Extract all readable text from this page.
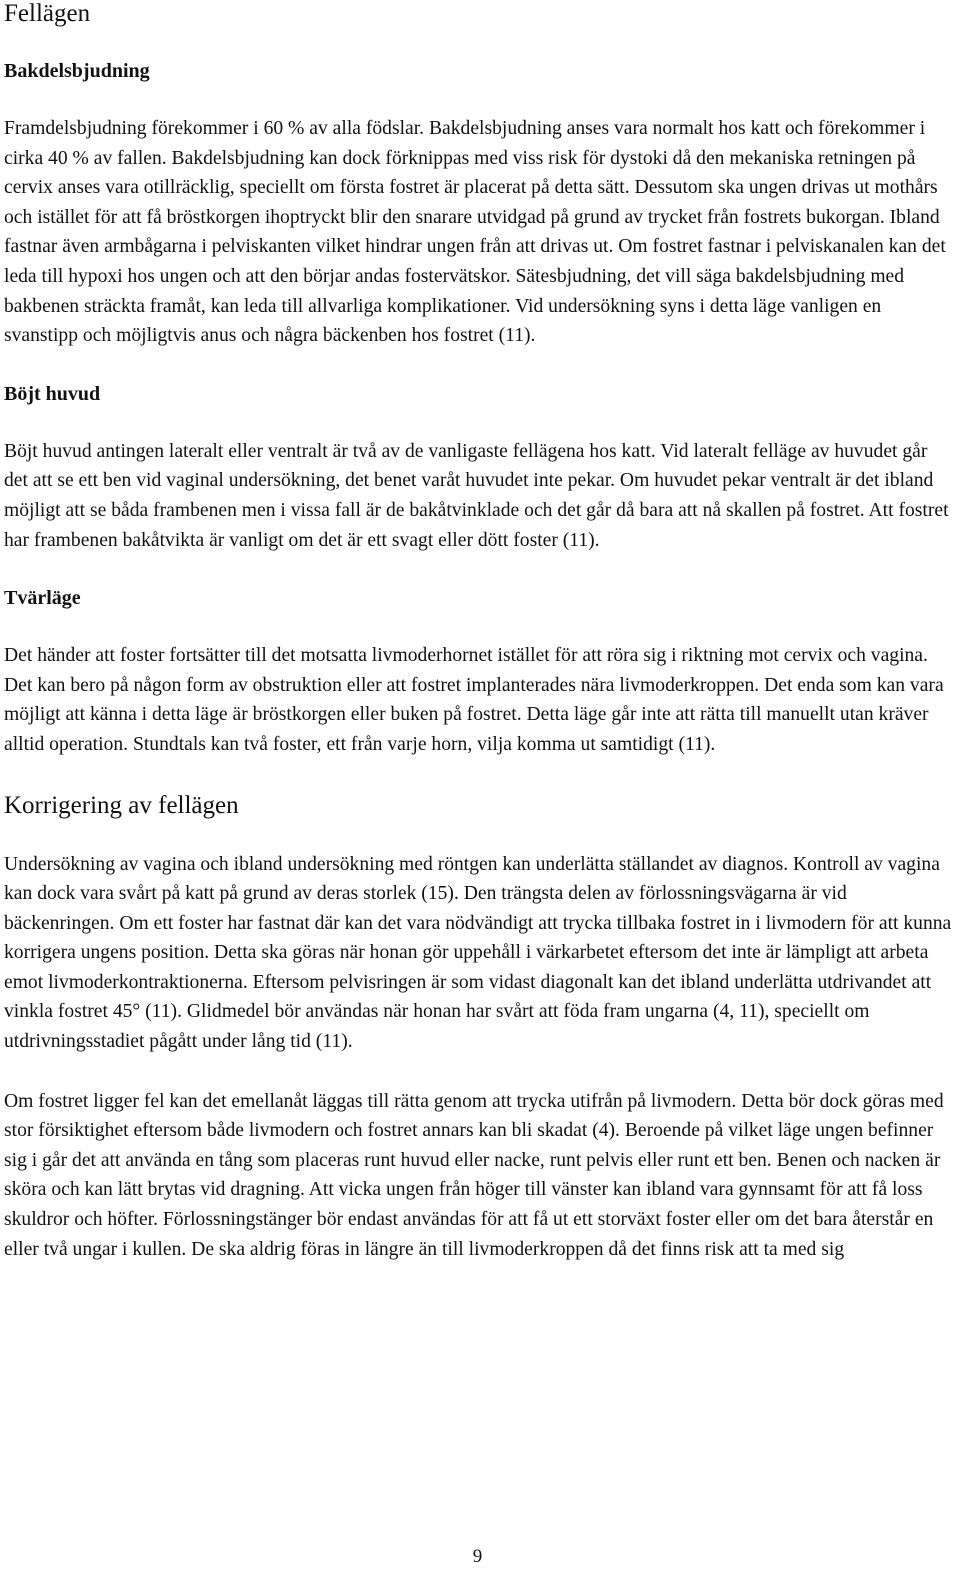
Fellägen
Bakdelsbjudning

Framdelsbjudning förekommer i 60 % av alla födslar. Bakdelsbjudning anses vara normalt hos katt och förekommer i cirka 40 % av fallen. Bakdelsbjudning kan dock förknippas med viss risk för dystoki då den mekaniska retningen på cervix anses vara otillräcklig, speciellt om första fostret är placerat på detta sätt. Dessutom ska ungen drivas ut mothårs och istället för att få bröstkorgen ihoptryckt blir den snarare utvidgad på grund av trycket från fostrets bukorgan. Ibland fastnar även armbågarna i pelviskanten vilket hindrar ungen från att drivas ut. Om fostret fastnar i pelviskanalen kan det leda till hypoxi hos ungen och att den börjar andas fostervätskor. Sätesbjudning, det vill säga bakdelsbjudning med bakbenen sträckta framåt, kan leda till allvarliga komplikationer. Vid undersökning syns i detta läge vanligen en svanstipp och möjligtvis anus och några bäckenben hos fostret (11).

Böjt huvud

Böjt huvud antingen lateralt eller ventralt är två av de vanligaste fellägena hos katt. Vid lateralt felläge av huvudet går det att se ett ben vid vaginal undersökning, det benet varåt huvudet inte pekar. Om huvudet pekar ventralt är det ibland möjligt att se båda frambenen men i vissa fall är de bakåtvinklade och det går då bara att nå skallen på fostret. Att fostret har frambenen bakåtvikta är vanligt om det är ett svagt eller dött foster (11).

Tvärläge

Det händer att foster fortsätter till det motsatta livmoderhornet istället för att röra sig i riktning mot cervix och vagina. Det kan bero på någon form av obstruktion eller att fostret implanterades nära livmoderkroppen. Det enda som kan vara möjligt att känna i detta läge är bröstkorgen eller buken på fostret. Detta läge går inte att rätta till manuellt utan kräver alltid operation. Stundtals kan två foster, ett från varje horn, vilja komma ut samtidigt (11).

Korrigering av fellägen

Undersökning av vagina och ibland undersökning med röntgen kan underlätta ställandet av diagnos. Kontroll av vagina kan dock vara svårt på katt på grund av deras storlek (15). Den trängsta delen av förlossningsvägarna är vid bäckenringen. Om ett foster har fastnat där kan det vara nödvändigt att trycka tillbaka fostret in i livmodern för att kunna korrigera ungens position. Detta ska göras när honan gör uppehåll i värkarbetet eftersom det inte är lämpligt att arbeta emot livmoderkontraktionerna. Eftersom pelvisringen är som vidast diagonalt kan det ibland underlätta utdrivandet att vinkla fostret 45° (11). Glidmedel bör användas när honan har svårt att föda fram ungarna (4, 11), speciellt om utdrivningsstadiet pågått under lång tid (11).

Om fostret ligger fel kan det emellanåt läggas till rätta genom att trycka utifrån på livmodern. Detta bör dock göras med stor försiktighet eftersom både livmodern och fostret annars kan bli skadat (4). Beroende på vilket läge ungen befinner sig i går det att använda en tång som placeras runt huvud eller nacke, runt pelvis eller runt ett ben. Benen och nacken är sköra och kan lätt brytas vid dragning. Att vicka ungen från höger till vänster kan ibland vara gynnsamt för att få loss skuldror och höfter. Förlossningstänger bör endast användas för att få ut ett storväxt foster eller om det bara återstår en eller två ungar i kullen. De ska aldrig föras in längre än till livmoderkroppen då det finns risk att ta med sig

9
